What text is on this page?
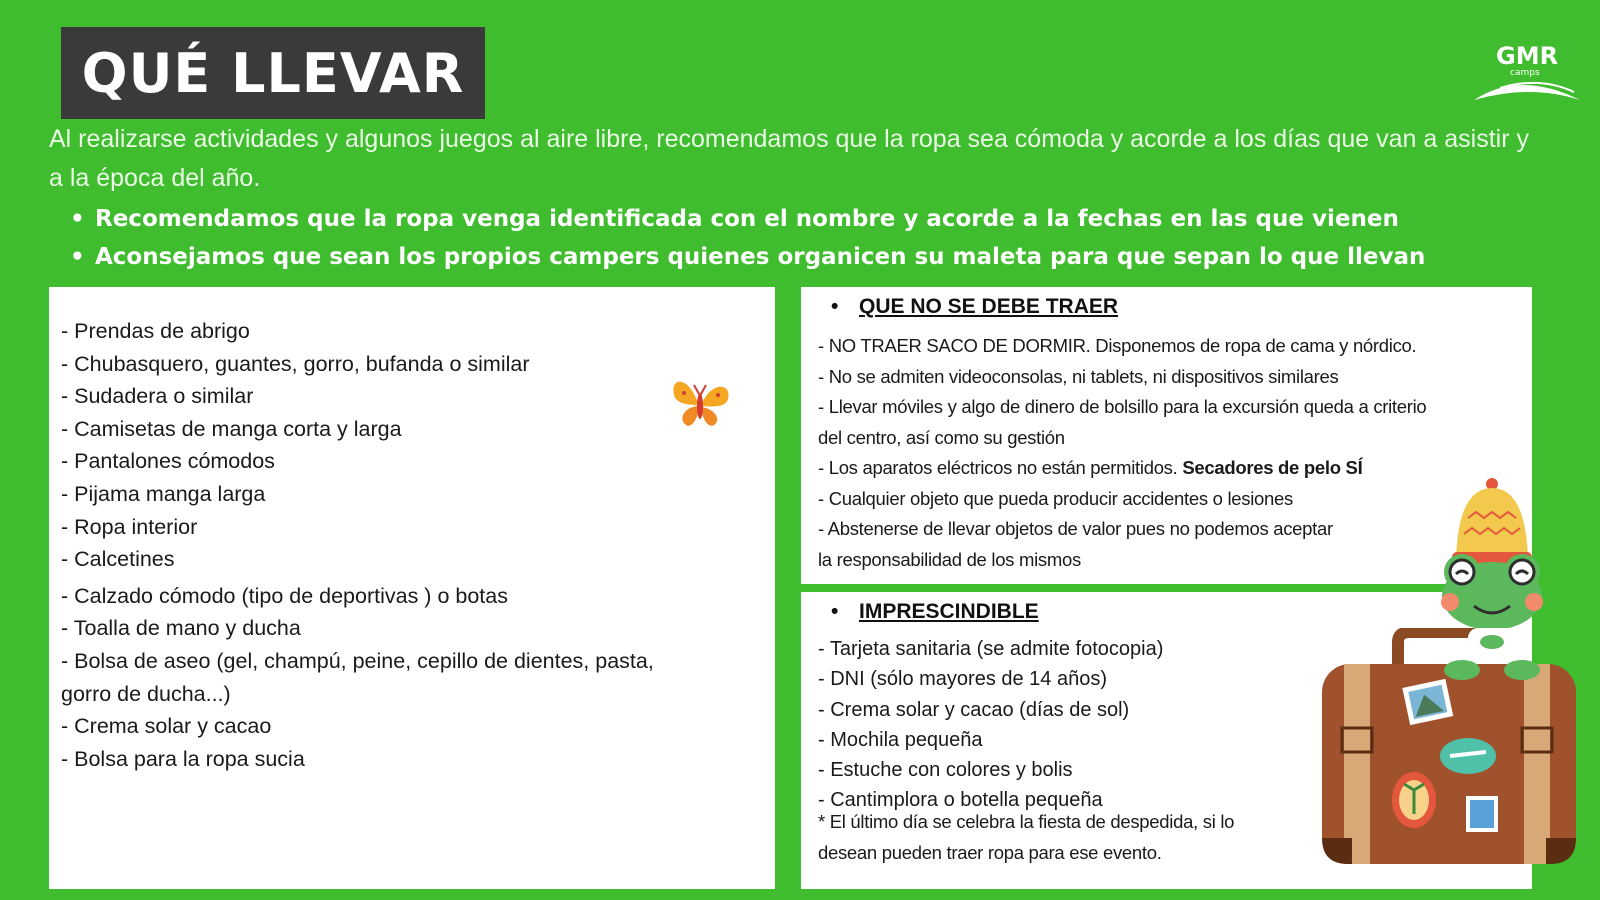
QUÉ LLEVAR	GMR
camps
Al realizarse actividades y algunos juegos al aire libre, recomendamos que la ropa sea cómoda y acorde a los días que van a asistir y a la época del año.
• Recomendamos que la ropa venga identificada con el nombre y acorde a la fechas en las que vienen
• Aconsejamos que sean los propios campers quienes organicen su maleta para que sepan lo que llevan
- Prendas de abrigo
- Chubasquero, guantes, gorro, bufanda o similar
- Sudadera o similar
- Camisetas de manga corta y larga
- Pantalones cómodos
- Pijama manga larga
- Ropa interior
- Calcetines
- Calzado cómodo (tipo de deportivas ) o botas
- Toalla de mano y ducha
- Bolsa de aseo (gel, champú, peine, cepillo de dientes, pasta,
gorro de ducha...)
- Crema solar y cacao
- Bolsa para la ropa sucia
• QUE NO SE DEBE TRAER
- NO TRAER SACO DE DORMIR. Disponemos de ropa de cama y nórdico.
- No se admiten videoconsolas, ni tablets, ni dispositivos similares
- Llevar móviles y algo de dinero de bolsillo para la excursión queda a criterio
del centro, así como su gestión
- Los aparatos eléctricos no están permitidos. Secadores de pelo SÍ
- Cualquier objeto que pueda producir accidentes o lesiones
- Abstenerse de llevar objetos de valor pues no podemos aceptar
la responsabilidad de los mismos
• IMPRESCINDIBLE
- Tarjeta sanitaria (se admite fotocopia)
- DNI (sólo mayores de 14 años)
- Crema solar y cacao (días de sol)
- Mochila pequeña
- Estuche con colores y bolis
- Cantimplora o botella pequeña
* El último día se celebra la fiesta de despedida, si lo
desean pueden traer ropa para ese evento.
